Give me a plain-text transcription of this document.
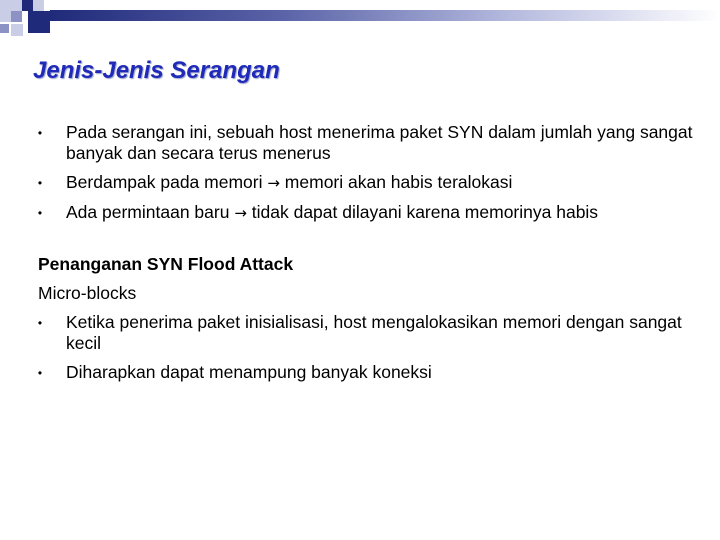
Jenis-Jenis Serangan
•	Pada serangan ini, sebuah host menerima paket SYN dalam jumlah yang sangat banyak dan secara terus menerus
•	Berdampak pada memori → memori akan habis teralokasi
•	Ada permintaan baru → tidak dapat dilayani karena memorinya habis

Penanganan SYN Flood Attack

Micro-blocks

•	Ketika penerima paket inisialisasi, host mengalokasikan memori dengan sangat kecil
•	Diharapkan dapat menampung banyak koneksi
